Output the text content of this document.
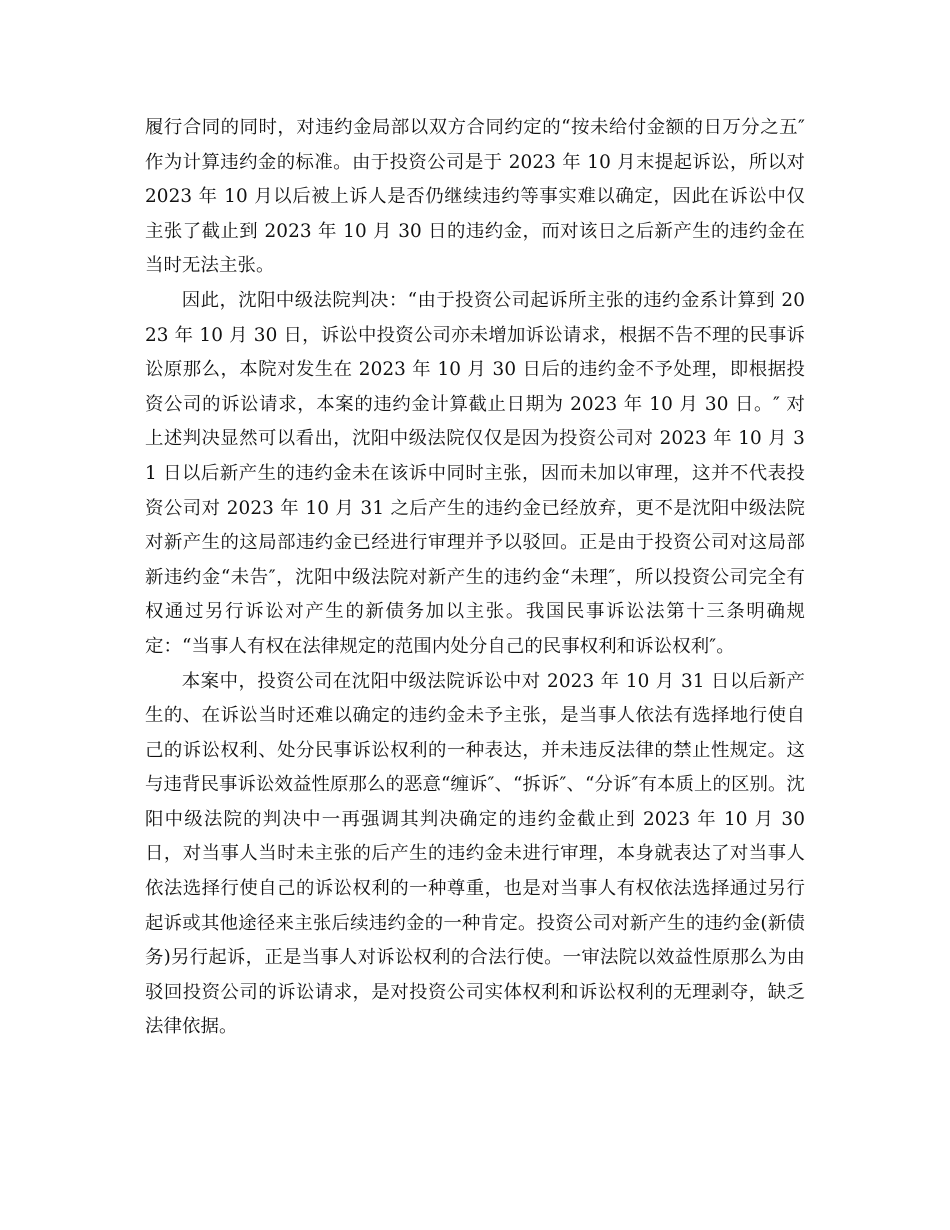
履行合同的同时，对违约金局部以双方合同约定的“按未给付金额的日万分之五″作为计算违约金的标准。由于投资公司是于 2023 年 10 月末提起诉讼，所以对 2023 年 10 月以后被上诉人是否仍继续违约等事实难以确定，因此在诉讼中仅主张了截止到 2023 年 10 月 30 日的违约金，而对该日之后新产生的违约金在当时无法主张。

因此，沈阳中级法院判决：“由于投资公司起诉所主张的违约金系计算到 2023 年 10 月 30 日，诉讼中投资公司亦未增加诉讼请求，根据不告不理的民事诉讼原那么，本院对发生在 2023 年 10 月 30 日后的违约金不予处理，即根据投资公司的诉讼请求，本案的违约金计算截止日期为 2023 年 10 月 30 日。″ 对上述判决显然可以看出，沈阳中级法院仅仅是因为投资公司对 2023 年 10 月 31 日以后新产生的违约金未在该诉中同时主张，因而未加以审理，这并不代表投资公司对 2023 年 10 月 31 之后产生的违约金已经放弃，更不是沈阳中级法院对新产生的这局部违约金已经进行审理并予以驳回。正是由于投资公司对这局部新违约金“未告″，沈阳中级法院对新产生的违约金“未理″，所以投资公司完全有权通过另行诉讼对产生的新债务加以主张。我国民事诉讼法第十三条明确规定：“当事人有权在法律规定的范围内处分自己的民事权利和诉讼权利″。

本案中，投资公司在沈阳中级法院诉讼中对 2023 年 10 月 31 日以后新产生的、在诉讼当时还难以确定的违约金未予主张，是当事人依法有选择地行使自己的诉讼权利、处分民事诉讼权利的一种表达，并未违反法律的禁止性规定。这与违背民事诉讼效益性原那么的恶意“缠诉″、“拆诉″、“分诉″有本质上的区别。沈阳中级法院的判决中一再强调其判决确定的违约金截止到 2023 年 10 月 30 日，对当事人当时未主张的后产生的违约金未进行审理，本身就表达了对当事人依法选择行使自己的诉讼权利的一种尊重，也是对当事人有权依法选择通过另行起诉或其他途径来主张后续违约金的一种肯定。投资公司对新产生的违约金(新债务)另行起诉，正是当事人对诉讼权利的合法行使。一审法院以效益性原那么为由驳回投资公司的诉讼请求，是对投资公司实体权利和诉讼权利的无理剥夺，缺乏法律依据。
